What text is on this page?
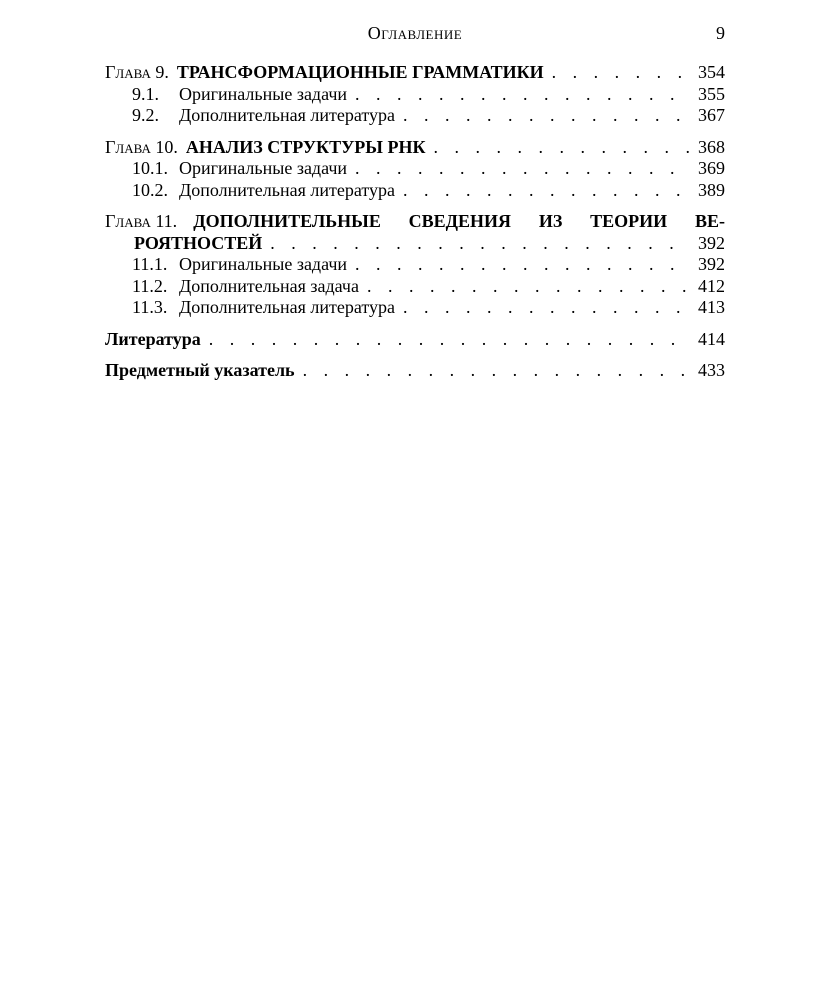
Оглавление	9
Глава 9. ТРАНСФОРМАЦИОННЫЕ ГРАММАТИКИ . . .	354
9.1.	Оригинальные задачи . . .	355
9.2.	Дополнительная литература . . .	367
Глава 10. АНАЛИЗ СТРУКТУРЫ РНК . . .	368
10.1. Оригинальные задачи . . .	369
10.2. Дополнительная литература . . .	389
Глава 11. ДОПОЛНИТЕЛЬНЫЕ СВЕДЕНИЯ ИЗ ТЕОРИИ ВЕ-
РОЯТНОСТЕЙ . . .	392
11.1. Оригинальные задачи . . .	392
11.2. Дополнительная задача . . .	412
11.3. Дополнительная литература . . .	413
Литература . . .	414
Предметный указатель . . .	433
